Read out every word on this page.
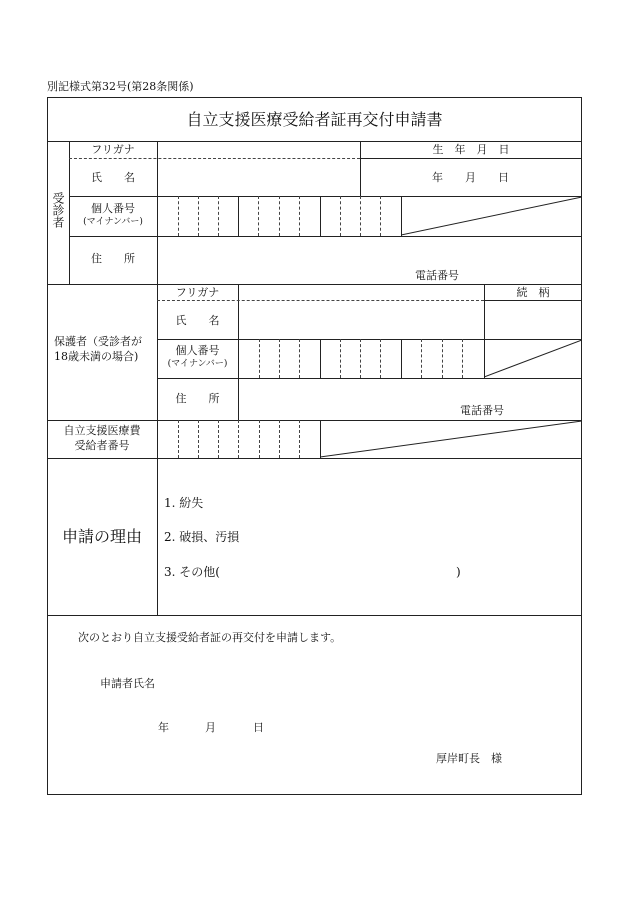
別記様式第32号(第28条関係)
自立支援医療受給者証再交付申請書
受診者
フリガナ	生　年　月　日
氏　　名	年　　月　　日
個人番号
(マイナンバー)
住　　所
電話番号
保護者（受診者が
18歳未満の場合)
フリガナ	続　柄
氏　　名
個人番号
(マイナンバー)
住　　所
電話番号
自立支援医療費
受給者番号
申請の理由
1. 紛失
2. 破損、汚損
3. その他(	)
次のとおり自立支援受給者証の再交付を申請します。
申請者氏名
年	月	日
厚岸町長　様
